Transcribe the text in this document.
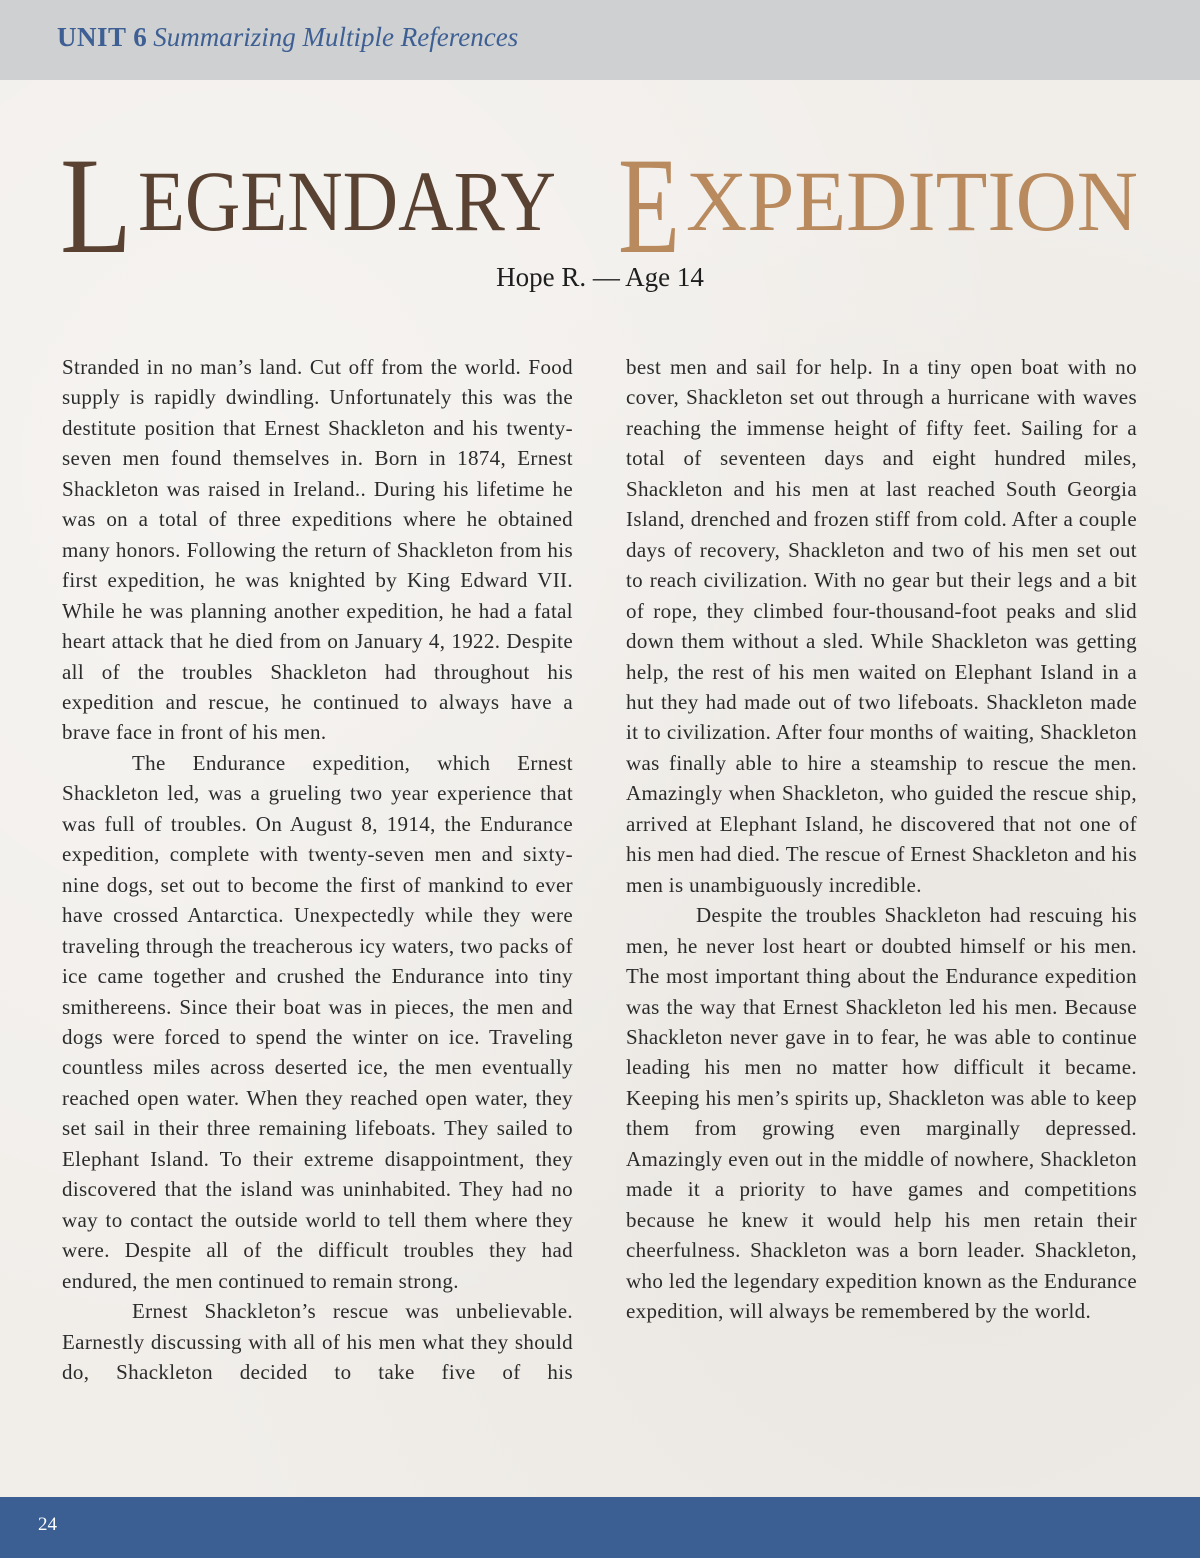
UNIT 6 Summarizing Multiple References
L EGENDARY E XPEDITION
Hope R. — Age 14

Stranded in no man’s land. Cut off from the world. Food supply is rapidly dwindling. Unfortunately this was the destitute position that Ernest Shackleton and his twenty-seven men found themselves in. Born in 1874, Ernest Shackleton was raised in Ireland.. During his lifetime he was on a total of three expeditions where he obtained many honors. Following the return of Shackleton from his first expedition, he was knighted by King Edward VII. While he was planning another expedition, he had a fatal heart attack that he died from on January 4, 1922. Despite all of the troubles Shackleton had throughout his expedition and rescue, he continued to always have a brave face in front of his men.

The Endurance expedition, which Ernest Shackleton led, was a grueling two year experience that was full of troubles. On August 8, 1914, the Endurance expedition, complete with twenty-seven men and sixty-nine dogs, set out to become the first of mankind to ever have crossed Antarctica. Unexpectedly while they were traveling through the treacherous icy waters, two packs of ice came together and crushed the Endurance into tiny smithereens. Since their boat was in pieces, the men and dogs were forced to spend the winter on ice. Traveling countless miles across deserted ice, the men eventually reached open water. When they reached open water, they set sail in their three remaining lifeboats. They sailed to Elephant Island. To their extreme disappointment, they discovered that the island was uninhabited. They had no way to contact the outside world to tell them where they were. Despite all of the difficult troubles they had endured, the men continued to remain strong.

Ernest Shackleton’s rescue was unbelievable. Earnestly discussing with all of his men what they should do, Shackleton decided to take five of his

best men and sail for help. In a tiny open boat with no cover, Shackleton set out through a hurricane with waves reaching the immense height of fifty feet. Sailing for a total of seventeen days and eight hundred miles, Shackleton and his men at last reached South Georgia Island, drenched and frozen stiff from cold. After a couple days of recovery, Shackleton and two of his men set out to reach civilization. With no gear but their legs and a bit of rope, they climbed four-thousand-foot peaks and slid down them without a sled. While Shackleton was getting help, the rest of his men waited on Elephant Island in a hut they had made out of two lifeboats. Shackleton made it to civilization. After four months of waiting, Shackleton was finally able to hire a steamship to rescue the men. Amazingly when Shackleton, who guided the rescue ship, arrived at Elephant Island, he discovered that not one of his men had died. The rescue of Ernest Shackleton and his men is unambiguously incredible.

Despite the troubles Shackleton had rescuing his men, he never lost heart or doubted himself or his men. The most important thing about the Endurance expedition was the way that Ernest Shackleton led his men. Because Shackleton never gave in to fear, he was able to continue leading his men no matter how difficult it became. Keeping his men’s spirits up, Shackleton was able to keep them from growing even marginally depressed. Amazingly even out in the middle of nowhere, Shackleton made it a priority to have games and competitions because he knew it would help his men retain their cheerfulness. Shackleton was a born leader. Shackleton, who led the legendary expedition known as the Endurance expedition, will always be remembered by the world.

24
